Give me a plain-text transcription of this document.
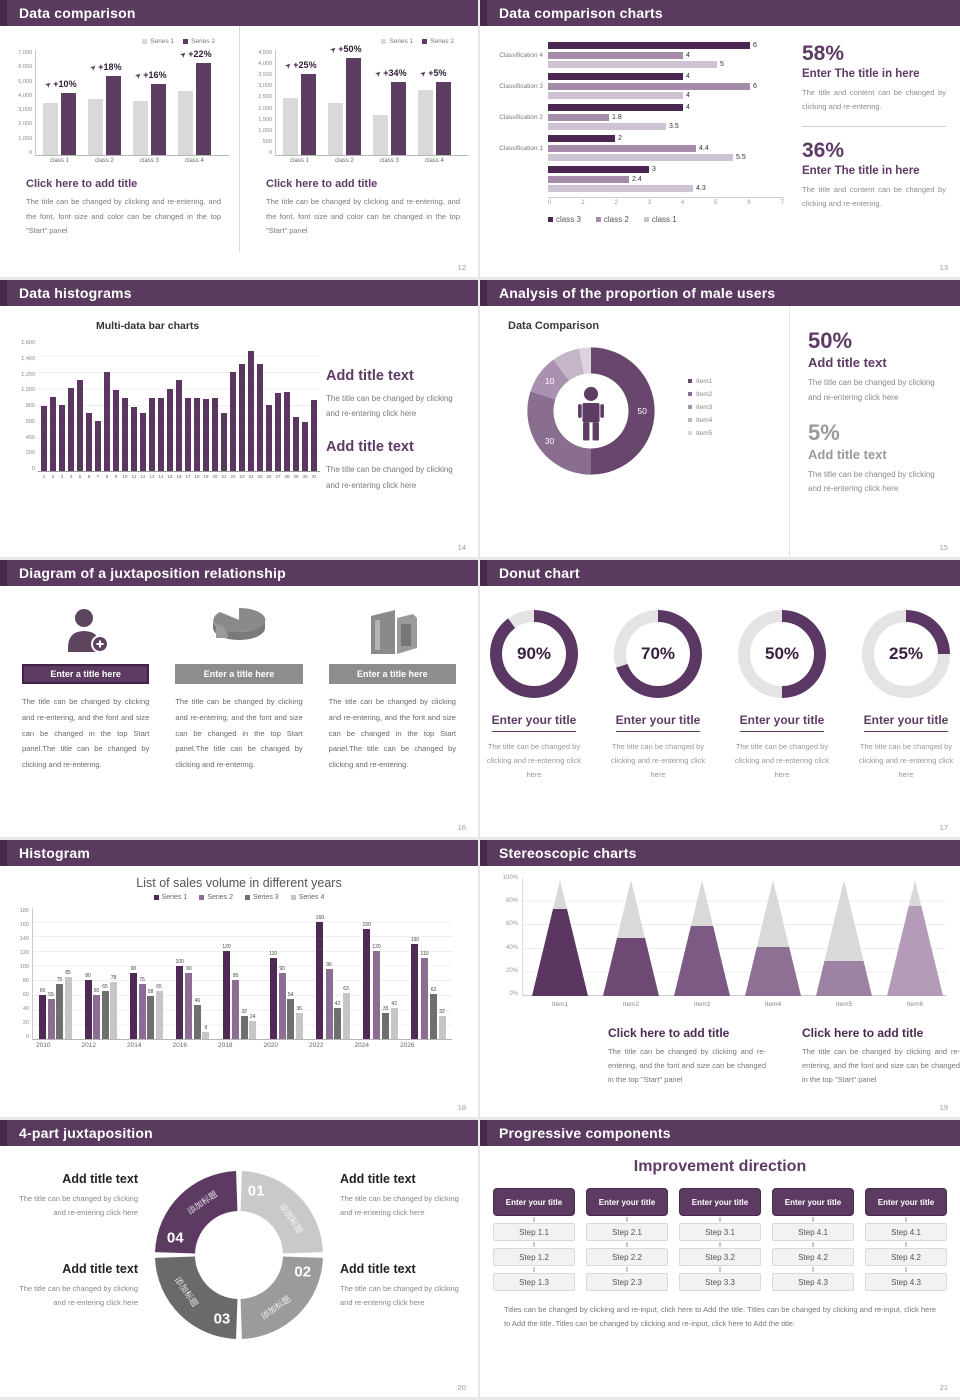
Data comparison
Series 1	Series 2
7,000
6,000
5,000
4,000
3,000
2,000
1,000
0
➤ +10%
class 1
➤ +18%
class 2
➤ +16%
class 3
➤ +22%
class 4
Click here to add title

The title can be changed by clicking and re-entering, and the font, font size and color can be changed in the top "Start" panel

Series 1	Series 2
4,500
4,000
3,500
3,000
2,500
2,000
1,500
1,000
500
0
➤ +25%
class 1
➤ +50%
class 2
➤ +34%
class 3
➤ +5%
class 4
Click here to add title

The title can be changed by clicking and re-entering, and the font, font size and color can be changed in the top "Start" panel

12
Data comparison charts
Classification 4
6
4
5
Classification 3
4
6
4
Classification 2
4
1.8
3.5
Classification 1
2
4.4
5.5
3
2.4
4.3
0	1	2	3	4	5	6	7
class 3	class 2	class 1
58%
Enter The title in here
The title and content can be changed by clicking and re-entering.
36%
Enter The title in here
The title and content can be changed by clicking and re-entering.
13
Data histograms
Multi-data bar charts
1,600
1,400
1,200
1,000
800
600
400
200
0
1	2	3	4	5	6	7	8	9	10 11 12 13 14 15 16 17 18 19 20 21 22 23 24 25 26 27 28 29 30 31
Add title text

The title can be changed by clicking and re-entering click here

Add title text

The title can be changed by clicking and re-entering click here

14
Analysis of the proportion of male users
Data Comparison
50
30
10	Item1
Item2
Item3
Item4
Item5
50%
Add title text
The title can be changed by clicking and re-entering click here
5%
Add title text
The title can be changed by clicking and re-entering click here
15
Diagram of a juxtaposition relationship
Enter a title here

The title can be changed by clicking and re-entering, and the font and size can be changed in the top Start panel.The title can be changed by clicking and re-entering.

Enter a title here

The title can be changed by clicking and re-entering, and the font and size can be changed in the top Start panel.The title can be changed by clicking and re-entering.

Enter a title here

The title can be changed by clicking and re-entering, and the font and size can be changed in the top Start panel.The title can be changed by clicking and re-entering.

16
Donut chart
90%
Enter your title

The title can be changed by clicking and re-entering click here

70%
Enter your title

The title can be changed by clicking and re-entering click here

50%
Enter your title

The title can be changed by clicking and re-entering click here

25%
Enter your title

The title can be changed by clicking and re-entering click here

17
Histogram
List of sales volume in different years
Series 1	Series 2	Series 3	Series 4
180
160
140
120
100
80
60
40
20
0
60
55
75
85	80
60
65
78
90
75
58
65
100
90
46
9
120
80
32
24
110
90
54
36
160
96
42
63
150
120
35
42
130
110
62
32
2010	2012	2014	2016	2018	2020	2022	2024	2026
18
Stereoscopic charts
0%
20%
40%
60%
80%
100%
Item1	Item2	Item3	Item4	Item5	Item6
Click here to add title

The title can be changed by clicking and re-entering, and the font and size can be changed in the top "Start" panel

Click here to add title

The title can be changed by clicking and re-entering, and the font and size can be changed in the top "Start" panel

19
4-part juxtaposition
Add title text

The title can be changed by clicking and re-entering click here

Add title text

The title can be changed by clicking and re-entering click here

01
添加标题
02
添加标题
03
添加标题
04
添加标题
Add title text

The title can be changed by clicking and re-entering click here

Add title text

The title can be changed by clicking and re-entering click here

20
Progressive components
Improvement direction
Enter your title
Step 1.1
Step 1.2
Step 1.3
Enter your title
Step 2.1
Step 2.2
Step 2.3
Enter your title
Step 3.1
Step 3.2
Step 3.3
Enter your title
Step 4.1
Step 4.2
Step 4.3
Enter your title
Step 4.1
Step 4.2
Step 4.3
Titles can be changed by clicking and re-input, click here to Add the title. Titles can be changed by clicking and re-input, click here to Add the title. Titles can be changed by clicking and re-input, click here to Add the title.
21
